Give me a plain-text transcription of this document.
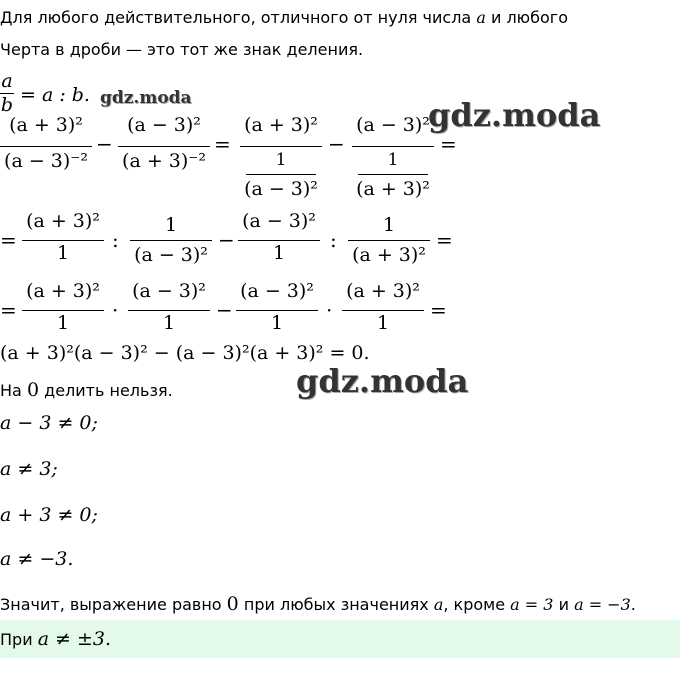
Для любого действительного, отличного от нуля числа a и любого
Черта в дроби — это тот же знак деления.
a
b = a : b. gdz.moda
(a + 3)²
(a − 3)⁻²
−
(a − 3)²
(a + 3)⁻²
=
(a + 3)²
1
(a − 3)²
−
(a − 3)²
1
(a + 3)²
=
gdz.moda
=
(a + 3)²
1
:
1
(a − 3)²
−
(a − 3)²
1
:
1
(a + 3)²
=
=
(a + 3)²
1
·
(a − 3)²
1
−
(a − 3)²
1
·
(a + 3)²
1
=
(a + 3)²(a − 3)² − (a − 3)²(a + 3)² = 0.
На 0 делить нельзя.	gdz.moda
a − 3 ≠ 0;
a ≠ 3;
a + 3 ≠ 0;
a ≠ −3.
Значит, выражение равно 0 при любых значениях a, кроме a = 3 и a = −3.
При a ≠ ±3.
